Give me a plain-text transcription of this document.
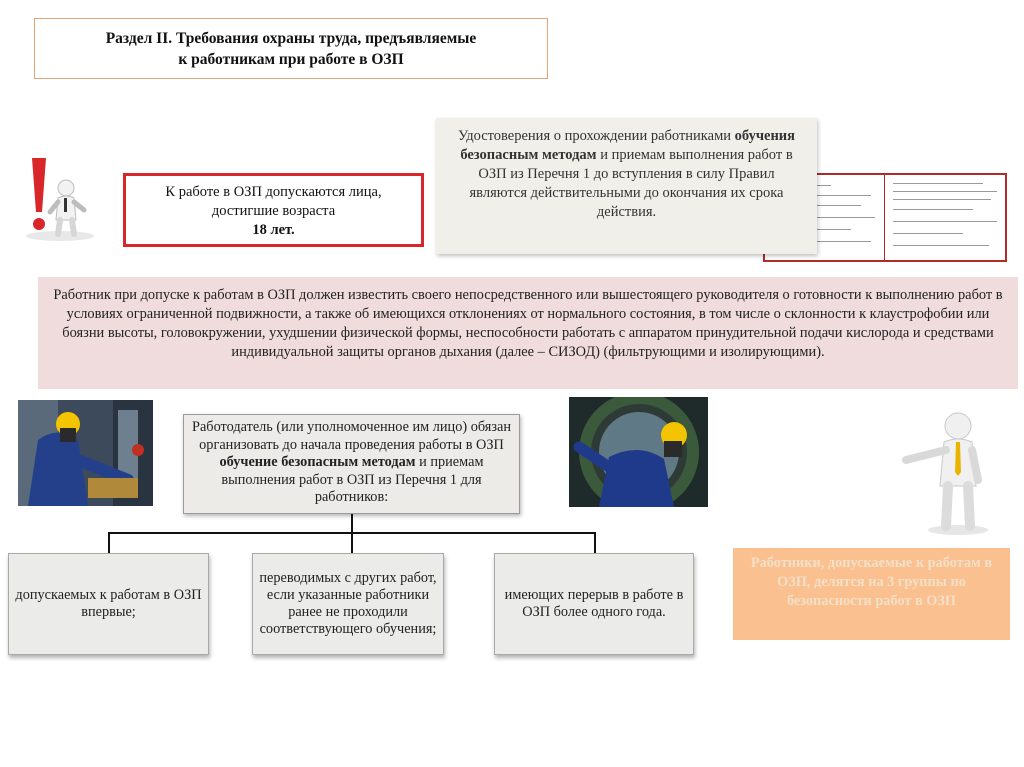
Раздел II. Требования охраны труда, предъявляемые
к работникам при работе в ОЗП
К работе в ОЗП допускаются лица,
достигшие возраста
18 лет.
Удостоверения о прохождении работниками обучения безопасным методам и приемам выполнения работ в ОЗП из Перечня 1 до вступления в силу Правил являются действительными до окончания их срока действия.
Работник при допуске к работам в ОЗП должен известить своего непосредственного или вышестоящего руководителя о готовности к выполнению работ в условиях ограниченной подвижности, а также об имеющихся отклонениях от нормального состояния, в том числе о склонности к клаустрофобии или боязни высоты, головокружении, ухудшении физической формы, неспособности работать с аппаратом принудительной подачи кислорода и средствами индивидуальной защиты органов дыхания (далее – СИЗОД) (фильтрующими и изолирующими).
Работодатель (или уполномоченное им лицо) обязан организовать до начала проведения работы в ОЗП обучение безопасным методам и приемам выполнения работ в ОЗП из Перечня 1 для работников:
допускаемых к работам в ОЗП впервые;
переводимых с других работ, если указанные работники ранее не проходили соответствующего обучения;
имеющих перерыв в работе в ОЗП более одного года.
Работники, допускаемые к работам в ОЗП, делятся на 3 группы по безопасности работ в ОЗП
